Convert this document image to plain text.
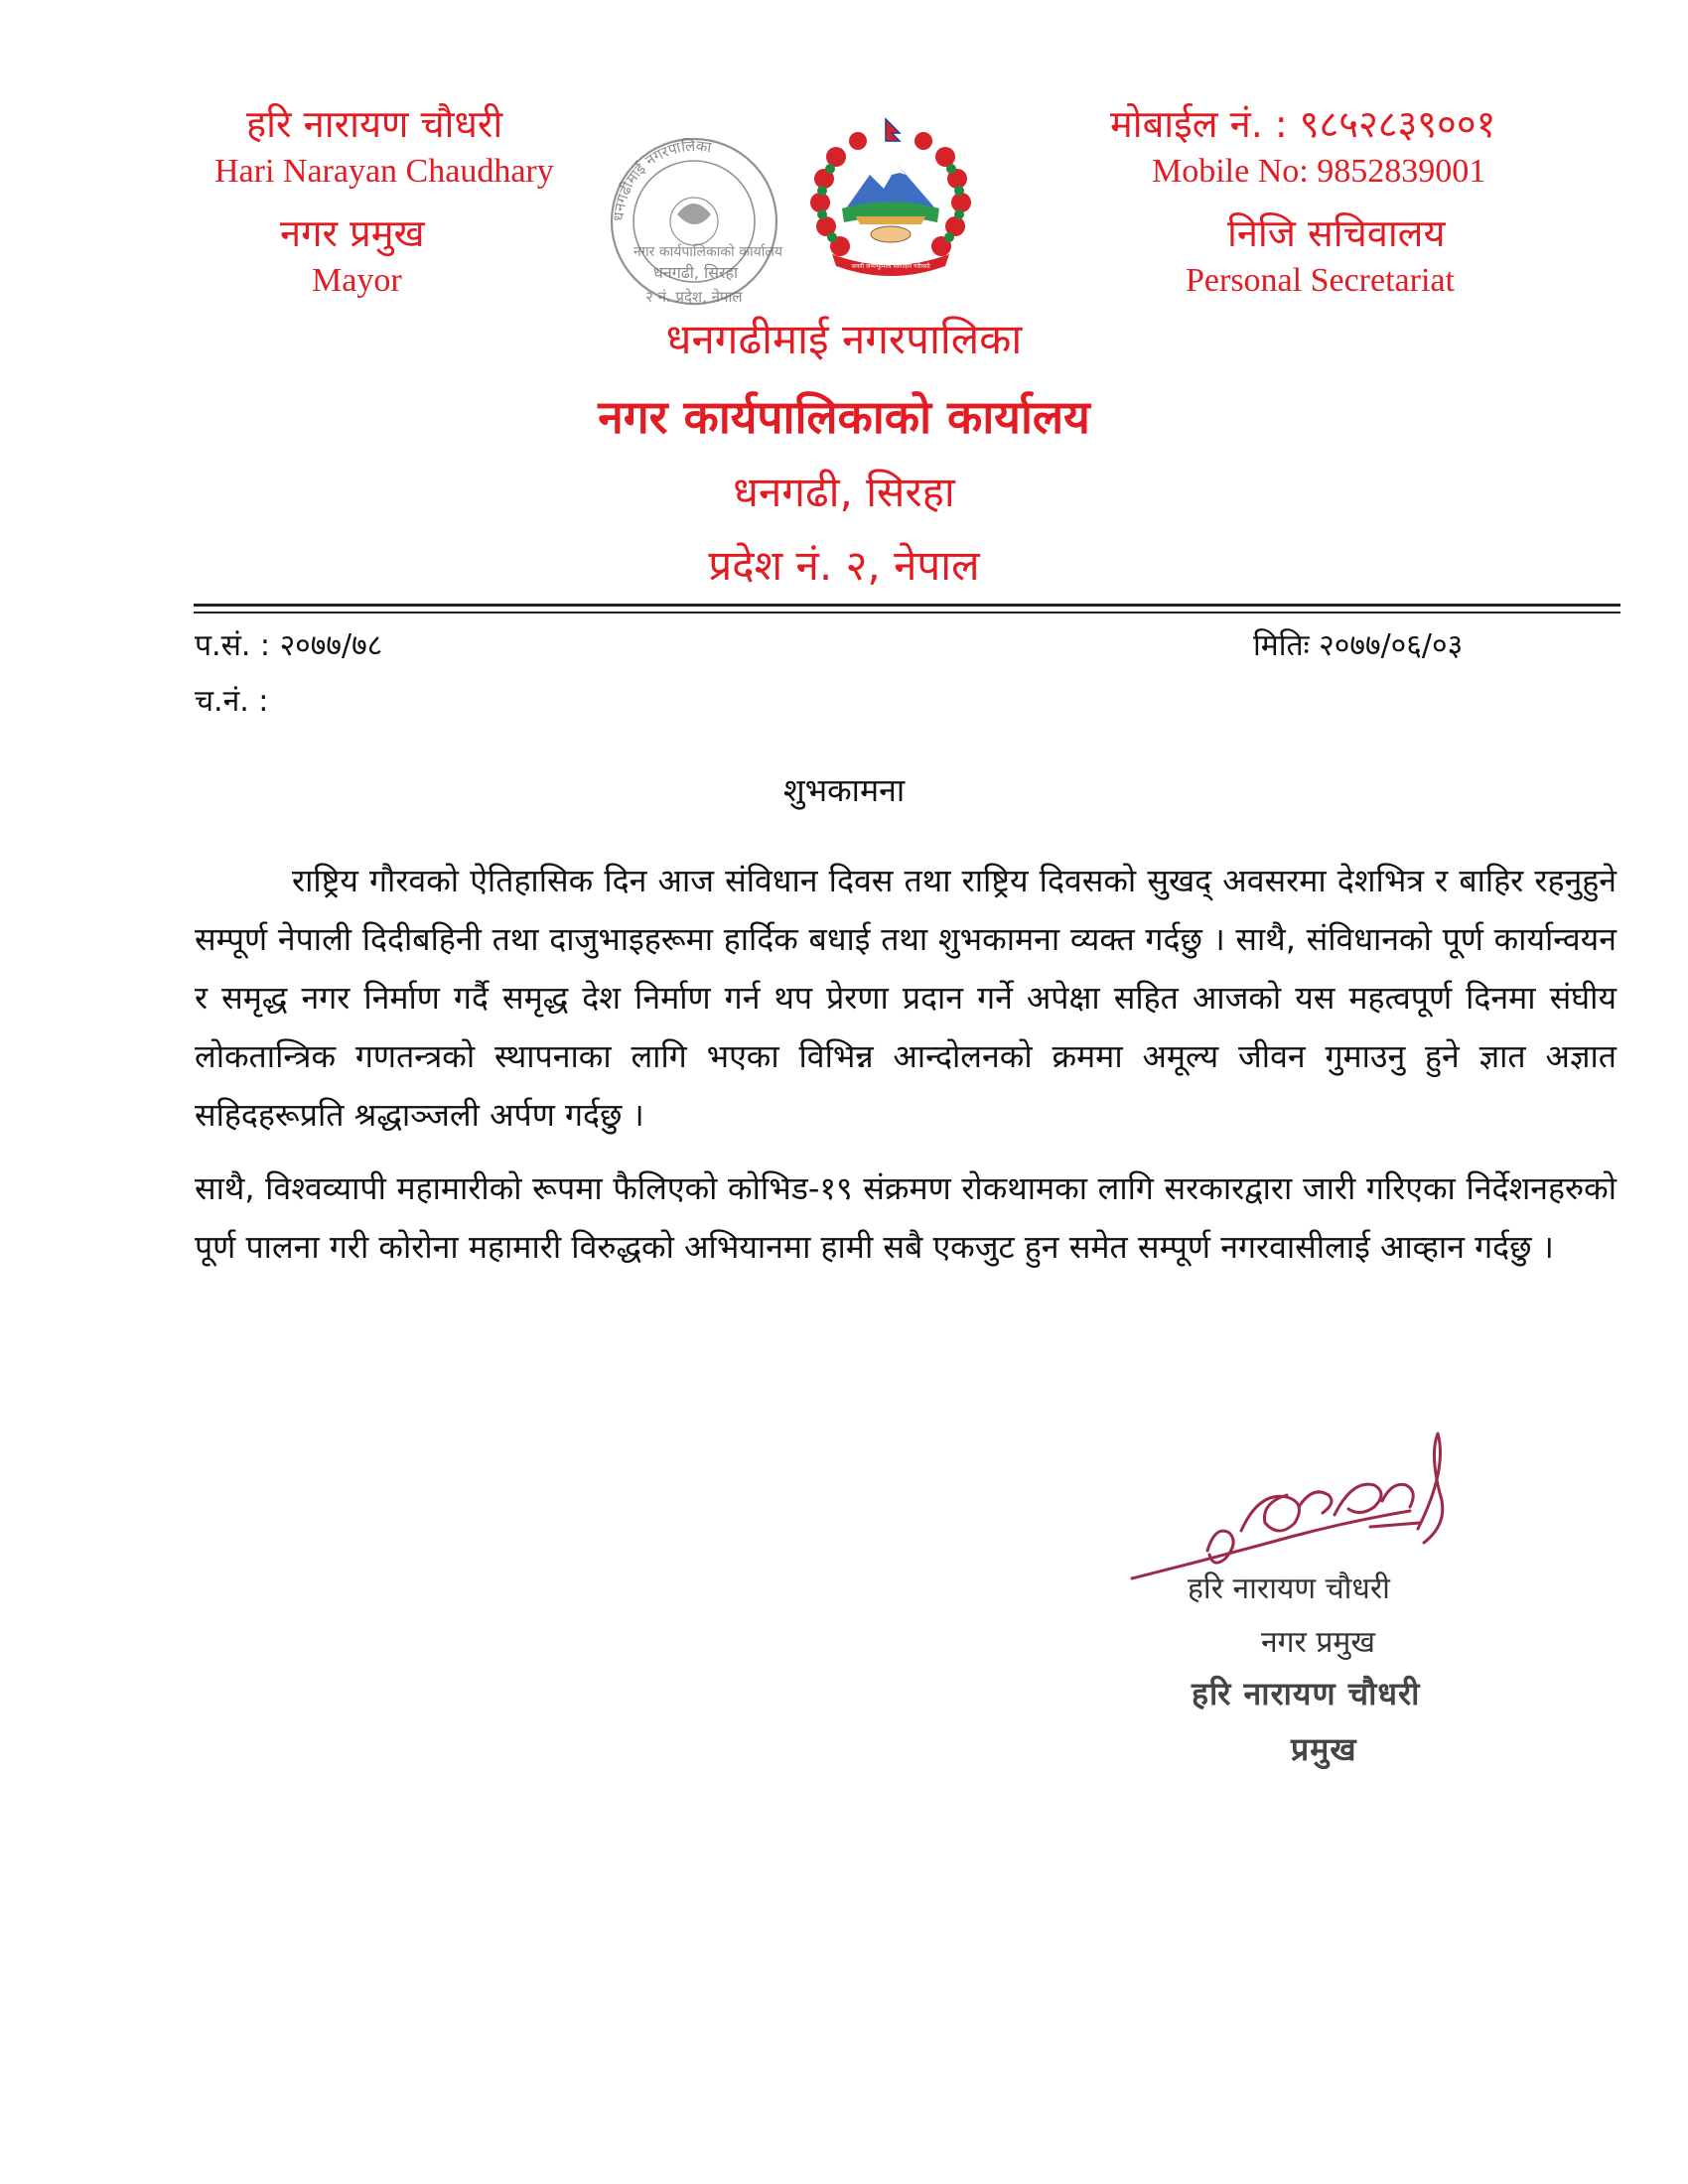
हरि नारायण चौधरी
Hari Narayan Chaudhary
नगर प्रमुख
Mayor
मोबाईल नं. : ९८५२८३९००१
Mobile No: 9852839001
निजि सचिवालय
Personal Secretariat
धनगढीमाई नगरपालिका
नगर कार्यपालिकाको कार्यालय
धनगढी, सिरहा
२ नं. प्रदेश, नेपाल
जननी जन्मभूमिश्च स्वर्गादपि गरीयसी
धनगढीमाई नगरपालिका
नगर कार्यपालिकाको कार्यालय
धनगढी, सिरहा
प्रदेश नं. २, नेपाल
प.सं. : २०७७/७८
च.नं. :
मितिः २०७७/०६/०३
शुभकामना
राष्ट्रिय गौरवको ऐतिहासिक दिन आज संविधान दिवस तथा राष्ट्रिय दिवसको सुखद् अवसरमा देशभित्र र बाहिर रहनुहुने सम्पूर्ण नेपाली दिदीबहिनी तथा दाजुभाइहरूमा हार्दिक बधाई तथा शुभकामना व्यक्त गर्दछु । साथै, संविधानको पूर्ण कार्यान्वयन र समृद्ध नगर निर्माण गर्दै समृद्ध देश निर्माण गर्न थप प्रेरणा प्रदान गर्ने अपेक्षा सहित आजको यस महत्वपूर्ण दिनमा संघीय लोकतान्त्रिक गणतन्त्रको स्थापनाका लागि भएका विभिन्न आन्दोलनको क्रममा अमूल्य जीवन गुमाउनु हुने ज्ञात अज्ञात सहिदहरूप्रति श्रद्धाञ्जली अर्पण गर्दछु ।
साथै, विश्वव्यापी महामारीको रूपमा फैलिएको कोभिड-१९ संक्रमण रोकथामका लागि सरकारद्वारा जारी गरिएका निर्देशनहरुको पूर्ण पालना गरी कोरोना महामारी विरुद्धको अभियानमा हामी सबै एकजुट हुन समेत सम्पूर्ण नगरवासीलाई आव्हान गर्दछु ।
हरि नारायण चौधरी
नगर प्रमुख
हरि नारायण चौधरी
प्रमुख
